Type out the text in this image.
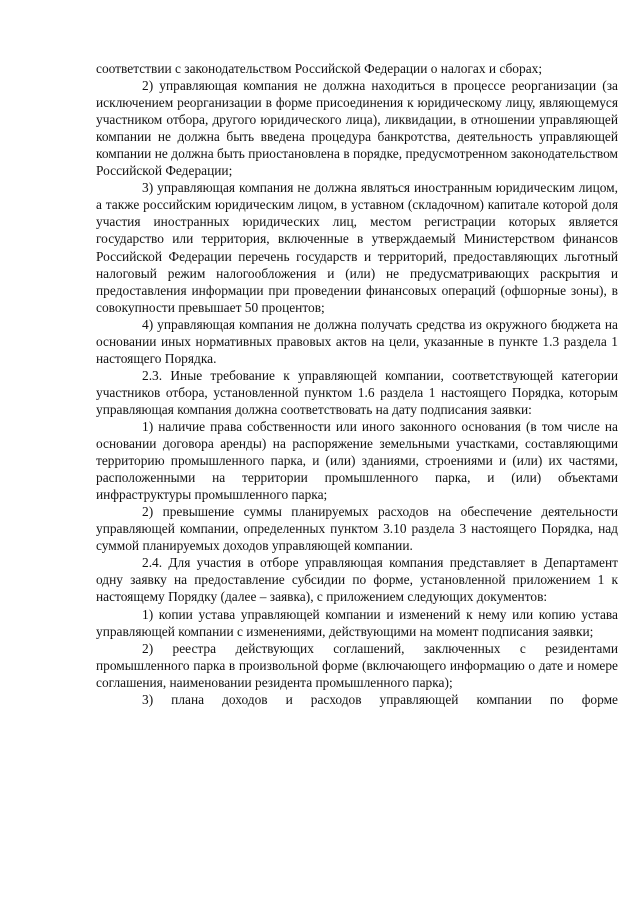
соответствии с законодательством Российской Федерации о налогах и сборах;

2) управляющая компания не должна находиться в процессе реорганизации (за исключением реорганизации в форме присоединения к юридическому лицу, являющемуся участником отбора, другого юридического лица), ликвидации, в отношении управляющей компании не должна быть введена процедура банкротства, деятельность управляющей компании не должна быть приостановлена в порядке, предусмотренном законодательством Российской Федерации;

3) управляющая компания не должна являться иностранным юридическим лицом, а также российским юридическим лицом, в уставном (складочном) капитале которой доля участия иностранных юридических лиц, местом регистрации которых является государство или территория, включенные в утверждаемый Министерством финансов Российской Федерации перечень государств и территорий, предоставляющих льготный налоговый режим налогообложения и (или) не предусматривающих раскрытия и предоставления информации при проведении финансовых операций (офшорные зоны), в совокупности превышает 50 процентов;

4) управляющая компания не должна получать средства из окружного бюджета на основании иных нормативных правовых актов на цели, указанные в пункте 1.3 раздела 1 настоящего Порядка.

2.3. Иные требование к управляющей компании, соответствующей категории участников отбора, установленной пунктом 1.6 раздела 1 настоящего Порядка, которым управляющая компания должна соответствовать на дату подписания заявки:

1) наличие права собственности или иного законного основания (в том числе на основании договора аренды) на распоряжение земельными участками, составляющими территорию промышленного парка, и (или) зданиями, строениями и (или) их частями, расположенными на территории промышленного парка, и (или) объектами инфраструктуры промышленного парка;

2) превышение суммы планируемых расходов на обеспечение деятельности управляющей компании, определенных пунктом 3.10 раздела 3 настоящего Порядка, над суммой планируемых доходов управляющей компании.

2.4. Для участия в отборе управляющая компания представляет в Департамент одну заявку на предоставление субсидии по форме, установленной приложением 1 к настоящему Порядку (далее – заявка), с приложением следующих документов:

1) копии устава управляющей компании и изменений к нему или копию устава управляющей компании с изменениями, действующими на момент подписания заявки;

2) реестра действующих соглашений, заключенных с резидентами промышленного парка в произвольной форме (включающего информацию о дате и номере соглашения, наименовании резидента промышленного парка);

3) плана доходов и расходов управляющей компании по форме
